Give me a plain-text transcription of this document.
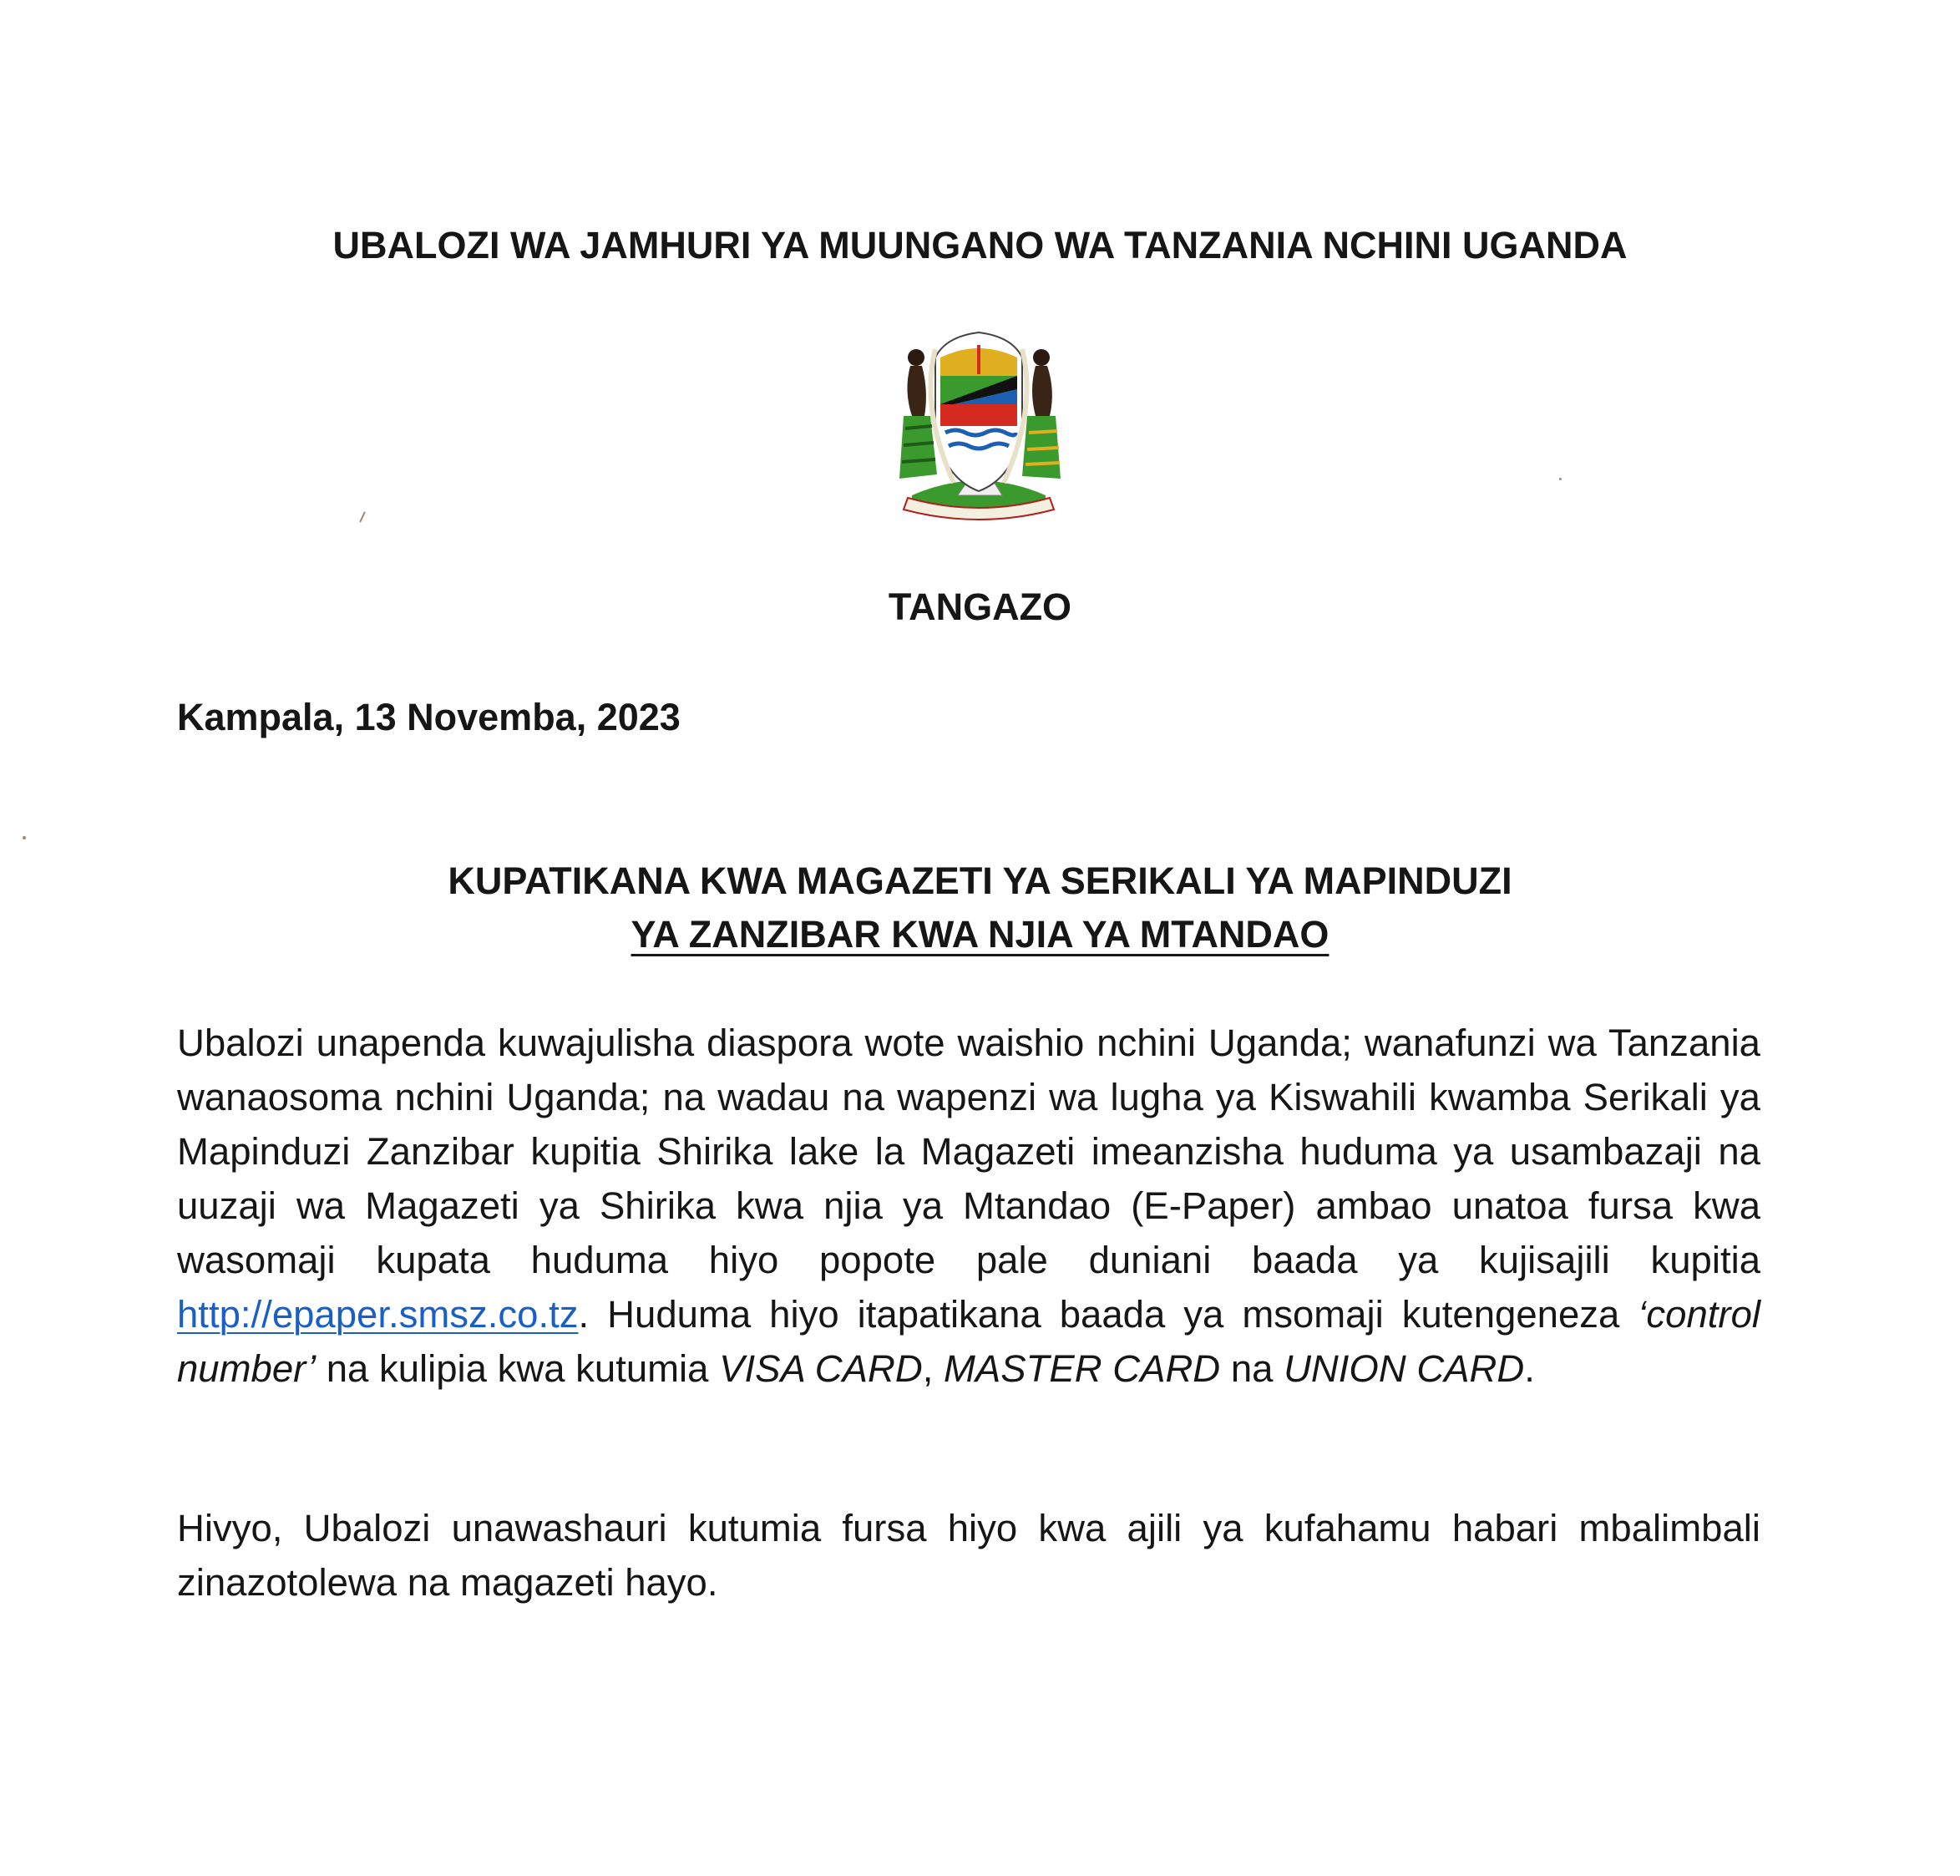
UBALOZI WA JAMHURI YA MUUNGANO WA TANZANIA NCHINI UGANDA
TANGAZO
Kampala, 13 Novemba, 2023
KUPATIKANA KWA MAGAZETI YA SERIKALI YA MAPINDUZI
YA ZANZIBAR KWA NJIA YA MTANDAO
Ubalozi unapenda kuwajulisha diaspora wote waishio nchini Uganda; wanafunzi wa Tanzania wanaosoma nchini Uganda; na wadau na wapenzi wa lugha ya Kiswahili kwamba Serikali ya Mapinduzi Zanzibar kupitia Shirika lake la Magazeti imeanzisha huduma ya usambazaji na uuzaji wa Magazeti ya Shirika kwa njia ya Mtandao (E-Paper) ambao unatoa fursa kwa wasomaji kupata huduma hiyo popote pale duniani baada ya kujisajili kupitia http://epaper.smsz.co.tz. Huduma hiyo itapatikana baada ya msomaji kutengeneza ‘control number’ na kulipia kwa kutumia VISA CARD, MASTER CARD na UNION CARD.
Hivyo, Ubalozi unawashauri kutumia fursa hiyo kwa ajili ya kufahamu habari mbalimbali zinazotolewa na magazeti hayo.
